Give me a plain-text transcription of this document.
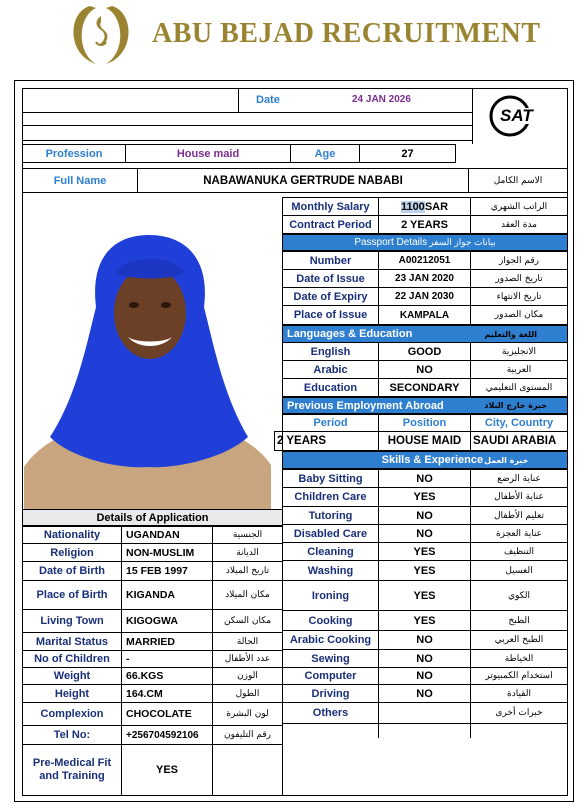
ABU BEJAD RECRUITMENT
Date	24 JAN 2026
SAT
Profession	House maid	Age	27
Full Name	NABAWANUKA GERTRUDE NABABI	الاسم الكامل
Monthly Salary	1100 SAR	الراتب الشهري
Contract Period	2 YEARS	مدة العقد
Passport Details بيانات جواز السفر
Number	A00212051	رقم الجواز
Date of Issue	23 JAN 2020	تاريخ الصدور
Date of Expiry	22 JAN 2030	تاريخ الانتهاء
Place of Issue	KAMPALA	مكان الصدور
Languages & Education	اللغة والتعليم
English	GOOD	الانجليزية
Arabic	NO	العربية
Education	SECONDARY	المستوى التعليمي
Previous Employment Abroad	خبرة خارج البلاد
Period	Position	City, Country
2 YEARS	HOUSE MAID	SAUDI ARABIA
Skills & Experience خبرة العمل
Baby Sitting	NO	عناية الرضع
Children Care	YES	عناية الأطفال
Tutoring	NO	تعليم الأطفال
Disabled Care	NO	عناية العجزة
Cleaning	YES	التنظيف
Washing	YES	الغسيل
Ironing	YES	الكوي
Cooking	YES	الطبخ
Arabic Cooking	NO	الطبخ العربي
Sewing	NO	الخياطة
Computer	NO	استخدام الكمبيوتر
Driving	NO	القيادة
Others	خبرات أخرى
Details of Application
Nationality	UGANDAN	الجنسية
Religion	NON-MUSLIM	الديانة
Date of Birth	15 FEB 1997	تاريخ الميلاد
Place of Birth	KIGANDA	مكان الميلاد
Living Town	KIGOGWA	مكان السكن
Marital Status	MARRIED	الحالة
No of Children	-	عدد الأطفال
Weight	66.KGS	الوزن
Height	164.CM	الطول
Complexion	CHOCOLATE	لون البشرة
Tel No:	+256704592106	رقم التليفون
Pre-Medical Fit and Training	YES
